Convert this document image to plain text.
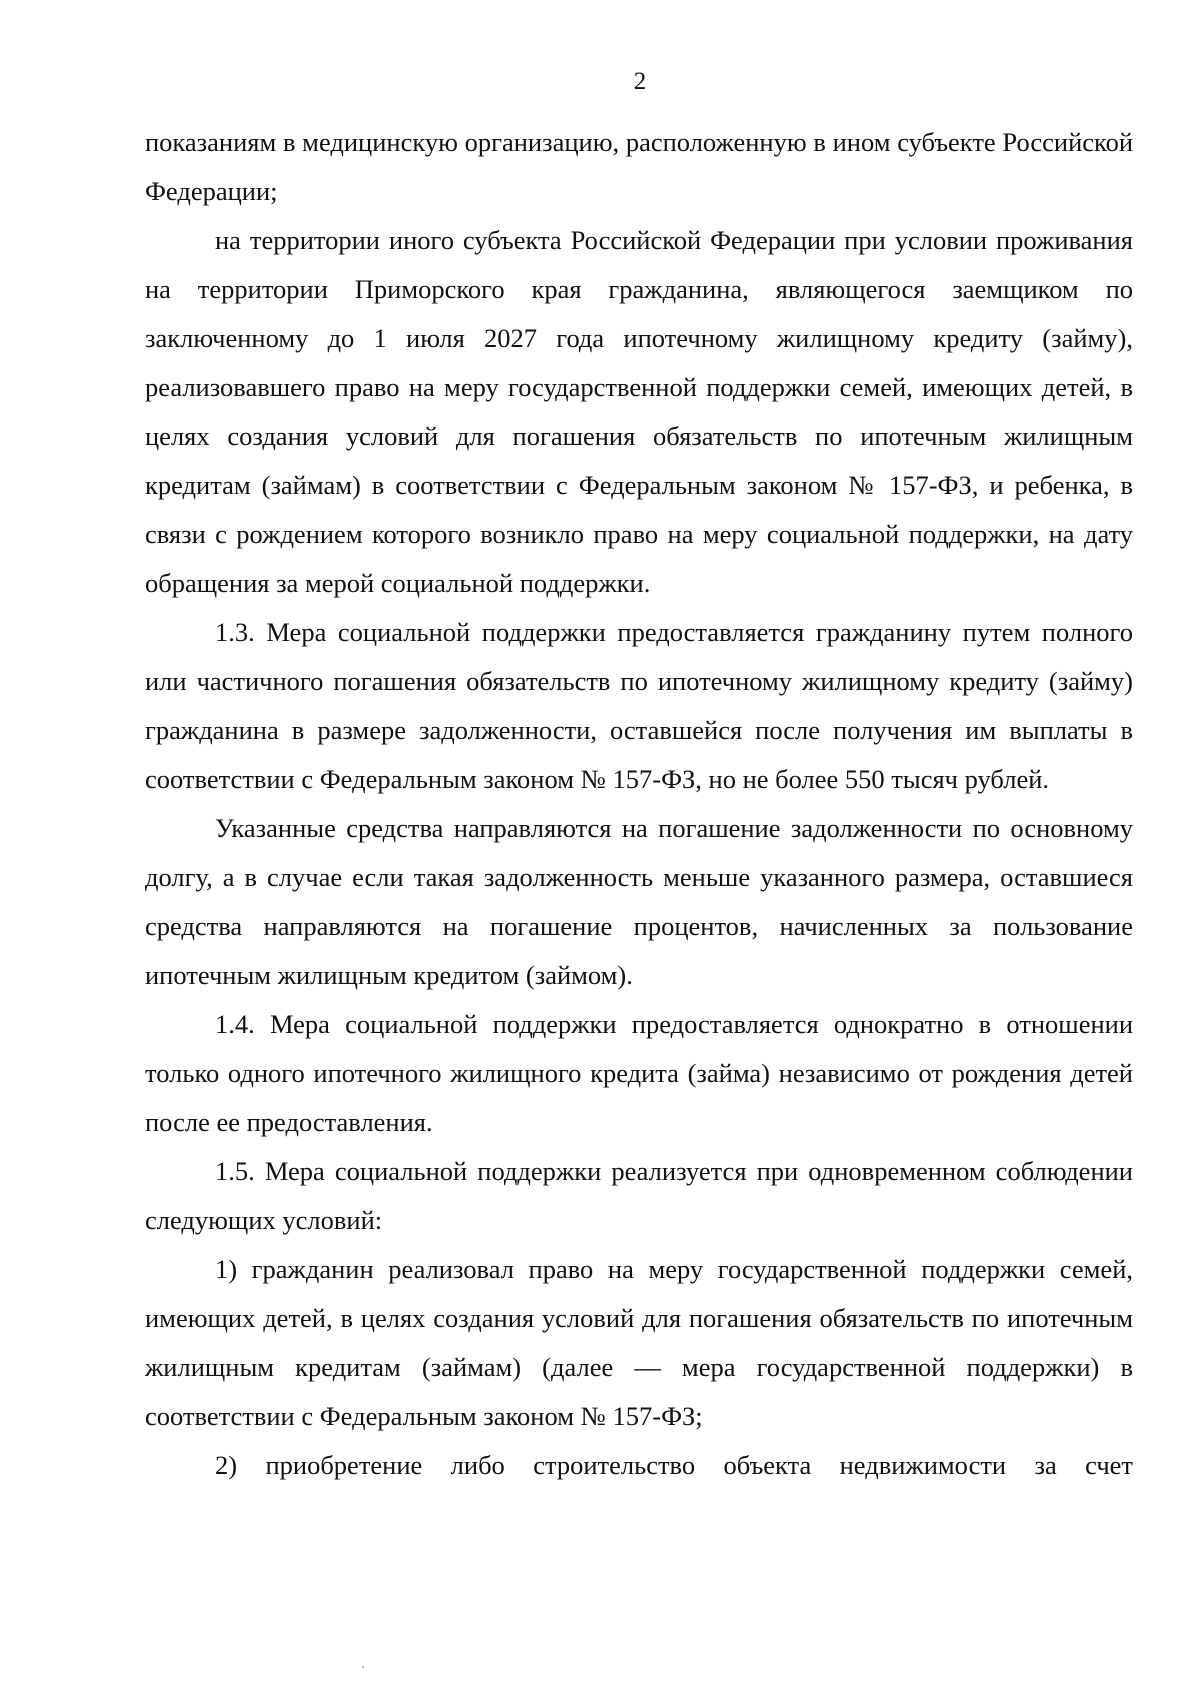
2

показаниям в медицинскую организацию, расположенную в ином субъекте Российской Федерации;

на территории иного субъекта Российской Федерации при условии проживания на территории Приморского края гражданина, являющегося заемщиком по заключенному до 1 июля 2027 года ипотечному жилищному кредиту (займу), реализовавшего право на меру государственной поддержки семей, имеющих детей, в целях создания условий для погашения обязательств по ипотечным жилищным кредитам (займам) в соответствии с Федеральным законом № 157-ФЗ, и ребенка, в связи с рождением которого возникло право на меру социальной поддержки, на дату обращения за мерой социальной поддержки.

1.3. Мера социальной поддержки предоставляется гражданину путем полного или частичного погашения обязательств по ипотечному жилищному кредиту (займу) гражданина в размере задолженности, оставшейся после получения им выплаты в соответствии с Федеральным законом № 157-ФЗ, но не более 550 тысяч рублей.

Указанные средства направляются на погашение задолженности по основному долгу, а в случае если такая задолженность меньше указанного размера, оставшиеся средства направляются на погашение процентов, начисленных за пользование ипотечным жилищным кредитом (займом).

1.4. Мера социальной поддержки предоставляется однократно в отношении только одного ипотечного жилищного кредита (займа) независимо от рождения детей после ее предоставления.

1.5. Мера социальной поддержки реализуется при одновременном соблюдении следующих условий:

1) гражданин реализовал право на меру государственной поддержки семей, имеющих детей, в целях создания условий для погашения обязательств по ипотечным жилищным кредитам (займам) (далее — мера государственной поддержки) в соответствии с Федеральным законом № 157-ФЗ;

2) приобретение либо строительство объекта недвижимости за счет
